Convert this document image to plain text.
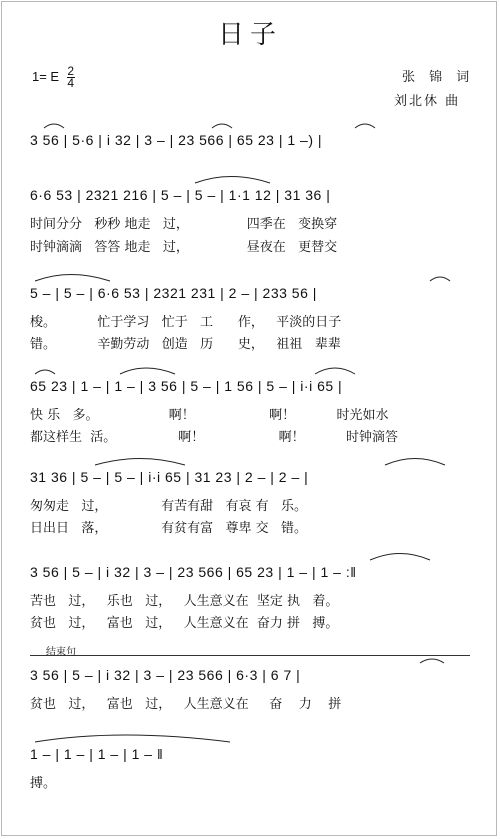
日子
1= E $\frac{2}{4}$	张 锦 词
刘北休 曲
3 56 | 5·6 | i 32 | 3 – | 23 566 | 65 23 | 1 –) |
6·6 53 | 2321 216 | 5 – | 5 – | 1·1 12 | 31 36 |
时间分分   秒秒 地走   过，              四季在   变换穿
时钟滴滴   答答 地走   过，              昼夜在   更替交
5 – | 5 – | 6·6 53 | 2321 231 | 2 – | 233 56 |
梭。          忙于学习   忙于   工      作，   平淡的日子
错。          辛勤劳动   创造   历      史，   祖祖   辈辈
65 23 | 1 – | 1 – | 3 56 | 5 – | 1 56 | 5 – | i·i 65 |
快 乐   多。                 啊！                  啊！          时光如水
都这样生  活。               啊！                  啊！          时钟滴答
31 36 | 5 – | 5 – | i·i 65 | 31 23 | 2 – | 2 – |
匆匆走   过，             有苦有甜   有哀 有   乐。
日出日   落，             有贫有富   尊卑 交   错。
3 56 | 5 – | i 32 | 3 – | 23 566 | 65 23 | 1 – | 1 – :‖
苦也   过，   乐也   过，   人生意义在  坚定 执   着。
贫也   过，   富也   过，   人生意义在  奋力 拼   搏。
结束句
3 56 | 5 – | i 32 | 3 – | 23 566 | 6·3 | 6 7 |
贫也   过，   富也   过，   人生意义在     奋    力    拼
1 – | 1 – | 1 – | 1 – ‖
搏。
